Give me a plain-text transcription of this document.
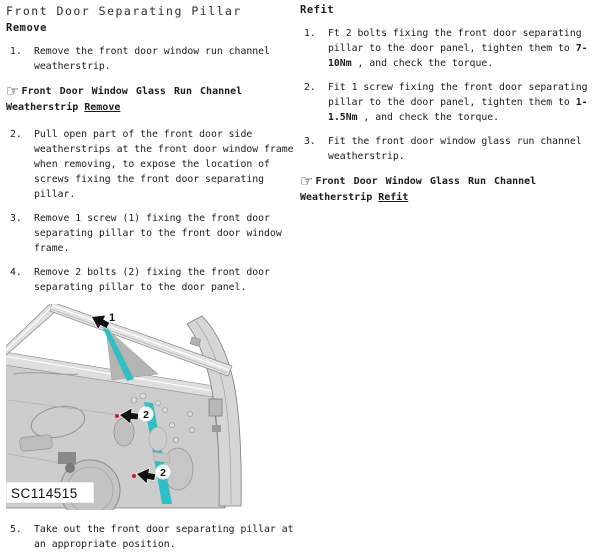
Front Door Separating Pillar
Remove
1.	Remove the front door window run channel weatherstrip.
☞ Front Door Window Glass Run Channel Weatherstrip Remove
2.	Pull open part of the front door side weatherstrips at the front door window frame when removing, to expose the location of screws fixing the front door separating pillar.
3.	Remove 1 screw (1) fixing the front door separating pillar to the front door window frame.
4.	Remove 2 bolts (2) fixing the front door separating pillar to the door panel.
1
2
2
SC114515
5.	Take out the front door separating pillar at an appropriate position.
Refit
1.	Ft 2 bolts fixing the front door separating pillar to the door panel, tighten them to 7-10Nm , and check the torque.
2.	Fit 1 screw fixing the front door separating pillar to the door panel, tighten them to 1-1.5Nm , and check the torque.
3.	Fit the front door window glass run channel weatherstrip.
☞ Front Door Window Glass Run Channel Weatherstrip Refit
